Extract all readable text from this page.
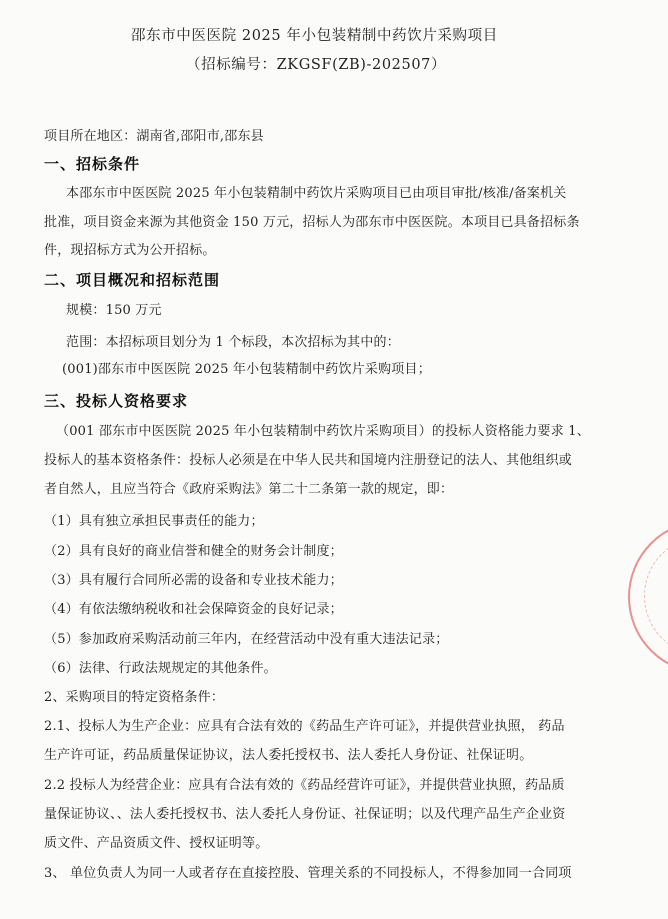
邵东市中医医院 2025 年小包装精制中药饮片采购项目
（招标编号：ZKGSF(ZB)-202507）
项目所在地区：湖南省,邵阳市,邵东县
一、招标条件
本邵东市中医医院 2025 年小包装精制中药饮片采购项目已由项目审批/核准/备案机关
批准，项目资金来源为其他资金 150 万元，招标人为邵东市中医医院。本项目已具备招标条
件，现招标方式为公开招标。
二、项目概况和招标范围
规模：150 万元
范围：本招标项目划分为 1 个标段，本次招标为其中的：
(001)邵东市中医医院 2025 年小包装精制中药饮片采购项目；
三、投标人资格要求
（001 邵东市中医医院 2025 年小包装精制中药饮片采购项目）的投标人资格能力要求 1、
投标人的基本资格条件：投标人必须是在中华人民共和国境内注册登记的法人、其他组织或
者自然人，且应当符合《政府采购法》第二十二条第一款的规定，即：
（1）具有独立承担民事责任的能力；
（2）具有良好的商业信誉和健全的财务会计制度；
（3）具有履行合同所必需的设备和专业技术能力；
（4）有依法缴纳税收和社会保障资金的良好记录；
（5）参加政府采购活动前三年内，在经营活动中没有重大违法记录；
（6）法律、行政法规规定的其他条件。
2、采购项目的特定资格条件：
2.1、投标人为生产企业：应具有合法有效的《药品生产许可证》，并提供营业执照， 药品
生产许可证，药品质量保证协议，法人委托授权书、法人委托人身份证、社保证明。
2.2 投标人为经营企业：应具有合法有效的《药品经营许可证》，并提供营业执照，药品质
量保证协议、、法人委托授权书、法人委托人身份证、社保证明；以及代理产品生产企业资
质文件、产品资质文件、授权证明等。
3、 单位负责人为同一人或者存在直接控股、管理关系的不同投标人，不得参加同一合同项
